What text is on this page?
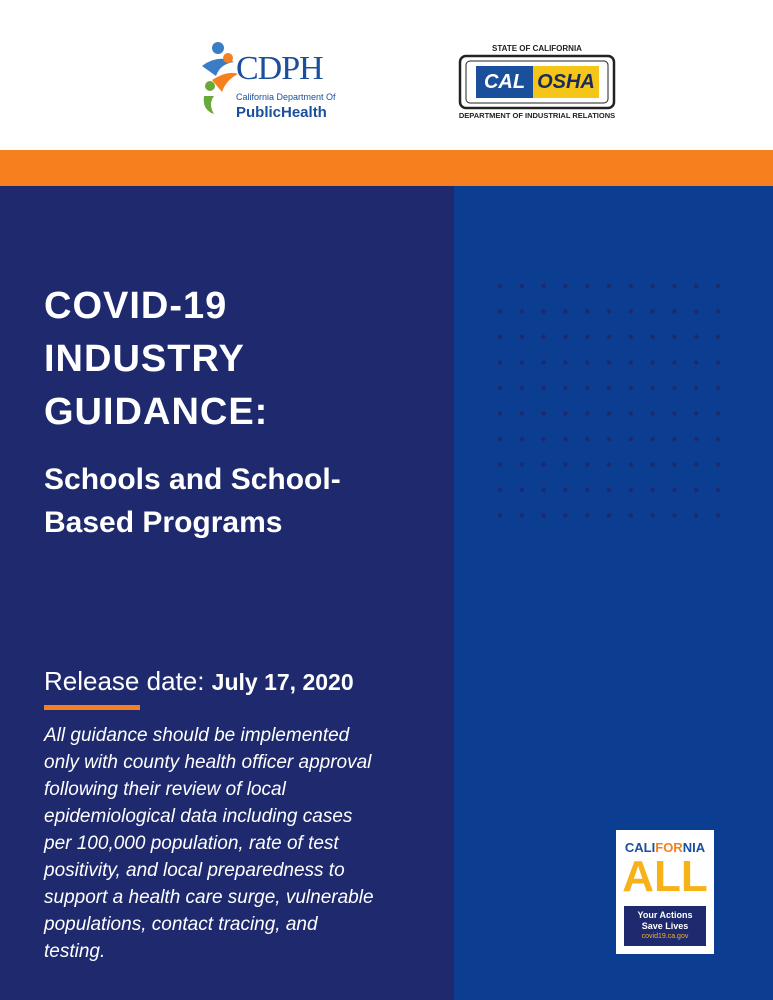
CDPH
California Department Of
PublicHealth
STATE OF CALIFORNIA
CAL OSHA
DEPARTMENT OF INDUSTRIAL RELATIONS
COVID-19
INDUSTRY
GUIDANCE:
Schools and School-
Based Programs
Release date: July 17, 2020
All guidance should be implemented
only with county health officer approval
following their review of local
epidemiological data including cases
per 100,000 population, rate of test
positivity, and local preparedness to
support a health care surge, vulnerable
populations, contact tracing, and
testing.
CALIFORNIA
ALL
Your Actions
Save Lives
covid19.ca.gov
